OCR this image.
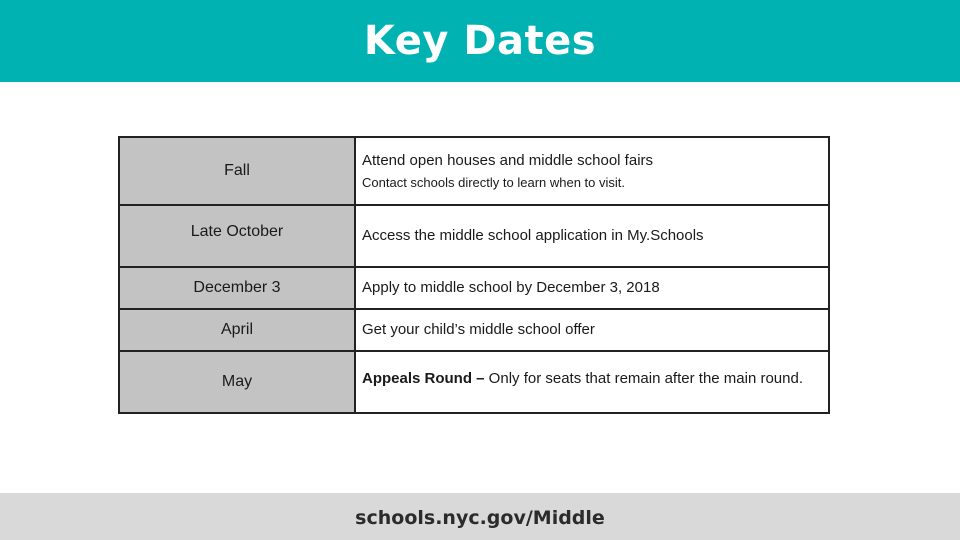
Key Dates
Fall	Attend open houses and middle school fairs
Contact schools directly to learn when to visit.

Late October	Access the middle school application in My.Schools

December 3	Apply to middle school by December 3, 2018

April	Get your child’s middle school offer

May	Appeals Round – Only for seats that remain after the main round.
schools.nyc.gov/Middle
